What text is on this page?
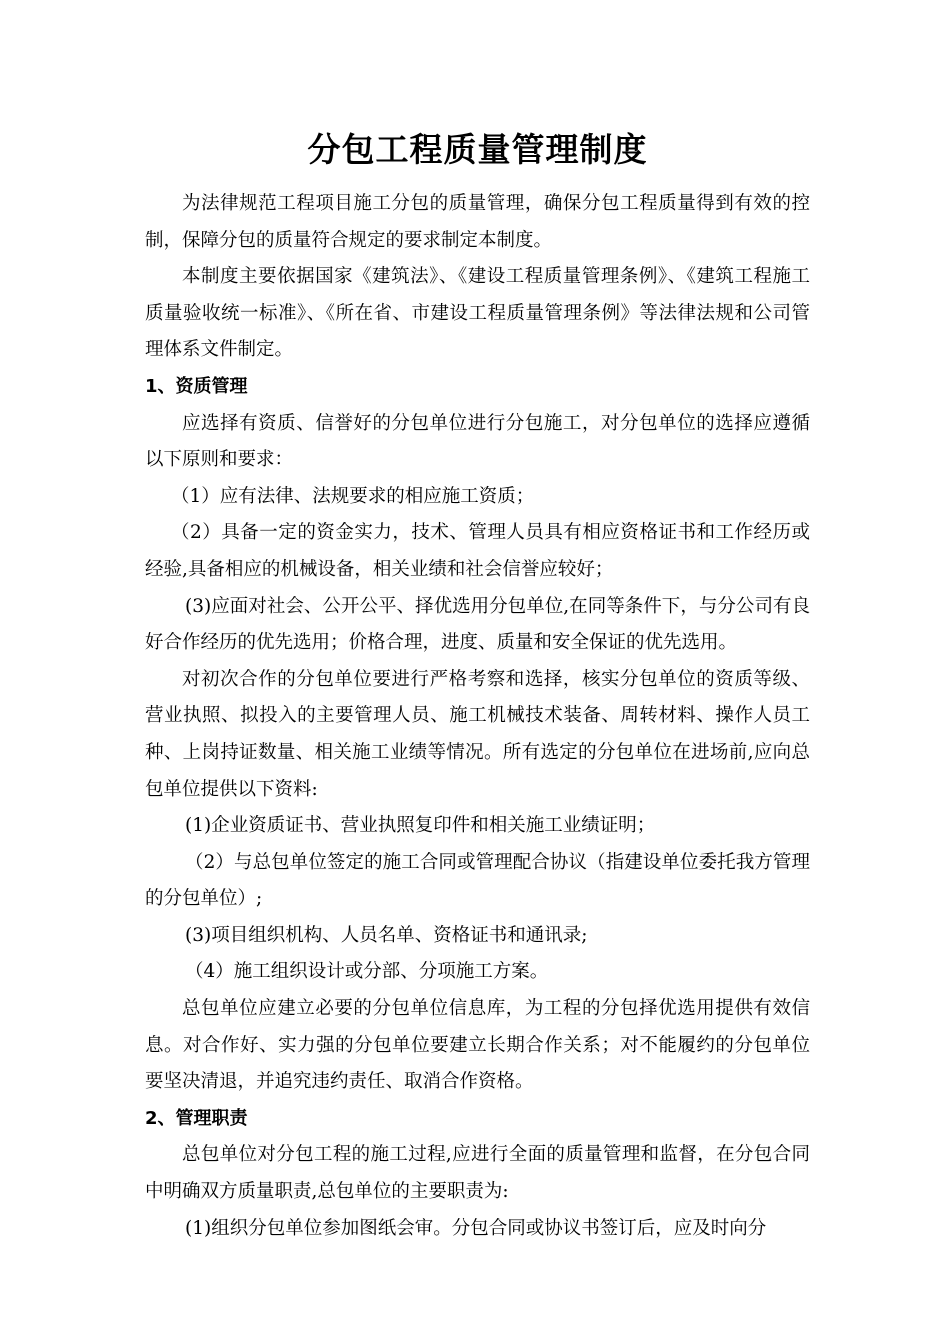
分包工程质量管理制度

为法律规范工程项目施工分包的质量管理，确保分包工程质量得到有效的控制，保障分包的质量符合规定的要求制定本制度。

本制度主要依据国家《建筑法》、《建设工程质量管理条例》、《建筑工程施工质量验收统一标准》、《所在省、市建设工程质量管理条例》等法律法规和公司管理体系文件制定。

1、资质管理

应选择有资质、信誉好的分包单位进行分包施工，对分包单位的选择应遵循以下原则和要求：

（1）应有法律、法规要求的相应施工资质；

（2）具备一定的资金实力，技术、管理人员具有相应资格证书和工作经历或经验,具备相应的机械设备，相关业绩和社会信誉应较好；

(3)应面对社会、公开公平、择优选用分包单位,在同等条件下，与分公司有良好合作经历的优先选用；价格合理，进度、质量和安全保证的优先选用。

对初次合作的分包单位要进行严格考察和选择，核实分包单位的资质等级、营业执照、拟投入的主要管理人员、施工机械技术装备、周转材料、操作人员工种、上岗持证数量、相关施工业绩等情况。所有选定的分包单位在进场前,应向总包单位提供以下资料:

(1)企业资质证书、营业执照复印件和相关施工业绩证明；

（2）与总包单位签定的施工合同或管理配合协议（指建设单位委托我方管理的分包单位）;

(3)项目组织机构、人员名单、资格证书和通讯录;

（4）施工组织设计或分部、分项施工方案。

总包单位应建立必要的分包单位信息库，为工程的分包择优选用提供有效信息。对合作好、实力强的分包单位要建立长期合作关系；对不能履约的分包单位要坚决清退，并追究违约责任、取消合作资格。

2、管理职责

总包单位对分包工程的施工过程,应进行全面的质量管理和监督，在分包合同中明确双方质量职责,总包单位的主要职责为:

(1)组织分包单位参加图纸会审。分包合同或协议书签订后，应及时向分
